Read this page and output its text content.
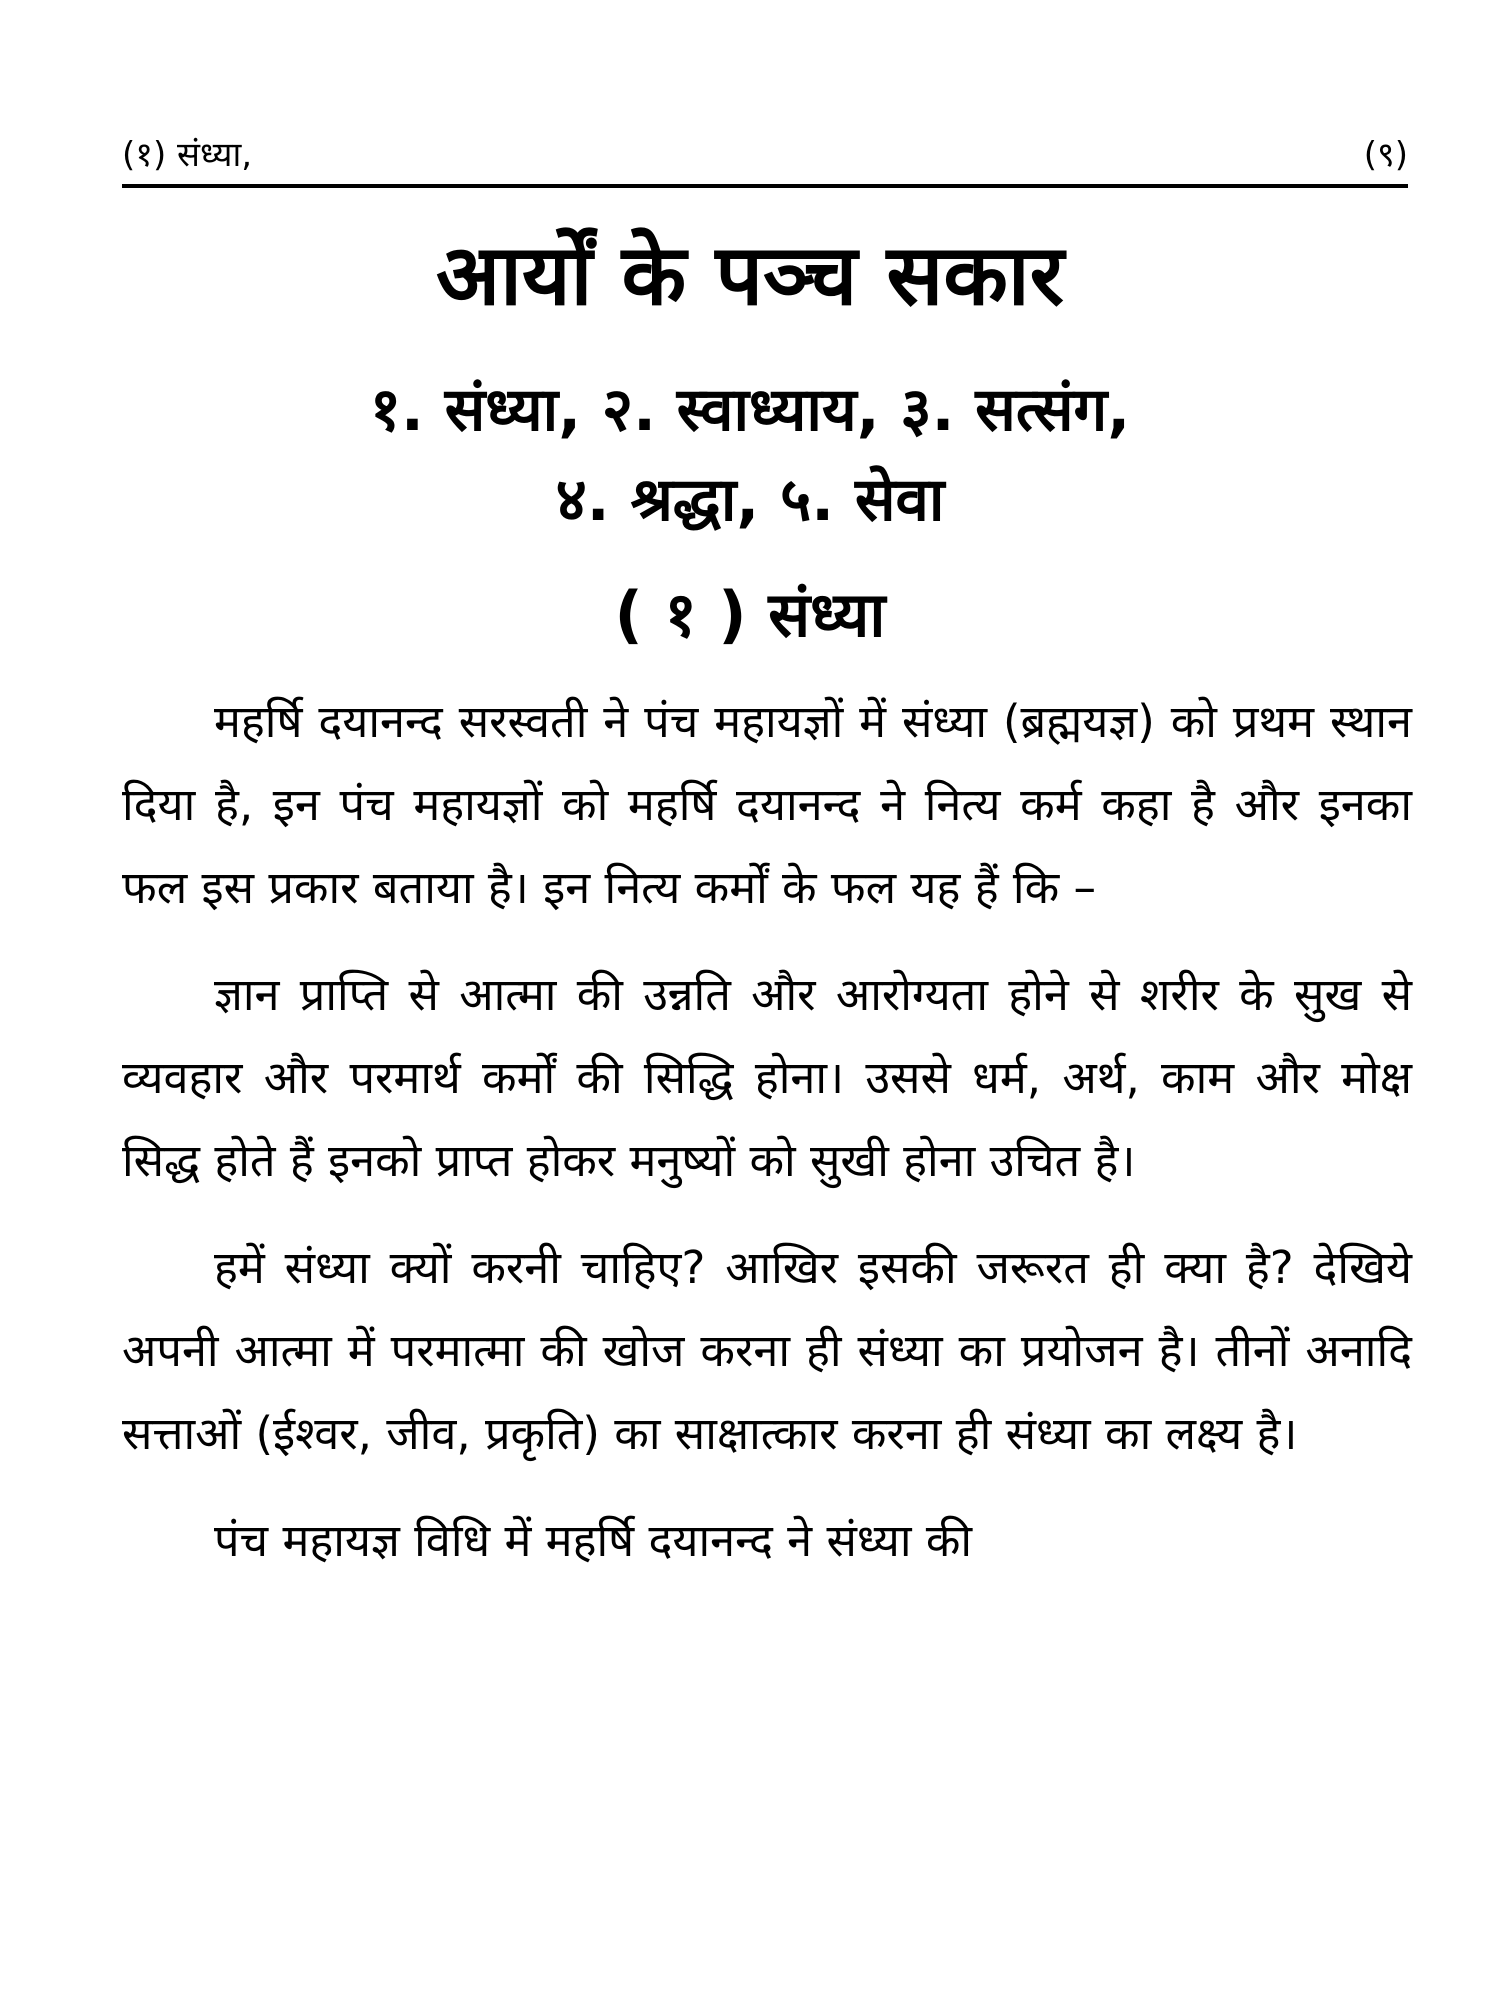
(१) संध्या,	(९)
आर्यों के पञ्च सकार
१. संध्या, २. स्वाध्याय, ३. सत्संग,
४. श्रद्धा, ५. सेवा
( १ ) संध्या

महर्षि दयानन्द सरस्वती ने पंच महायज्ञों में संध्या (ब्रह्मयज्ञ) को प्रथम स्थान दिया है, इन पंच महायज्ञों को महर्षि दयानन्द ने नित्य कर्म कहा है और इनका फल इस प्रकार बताया है। इन नित्य कर्मों के फल यह हैं कि –

ज्ञान प्राप्ति से आत्मा की उन्नति और आरोग्यता होने से शरीर के सुख से व्यवहार और परमार्थ कर्मों की सिद्धि होना। उससे धर्म, अर्थ, काम और मोक्ष सिद्ध होते हैं इनको प्राप्त होकर मनुष्यों को सुखी होना उचित है।

हमें संध्या क्यों करनी चाहिए? आखिर इसकी जरूरत ही क्या है? देखिये अपनी आत्मा में परमात्मा की खोज करना ही संध्या का प्रयोजन है। तीनों अनादि सत्ताओं (ईश्वर, जीव, प्रकृति) का साक्षात्कार करना ही संध्या का लक्ष्य है।

पंच महायज्ञ विधि में महर्षि दयानन्द ने संध्या की
